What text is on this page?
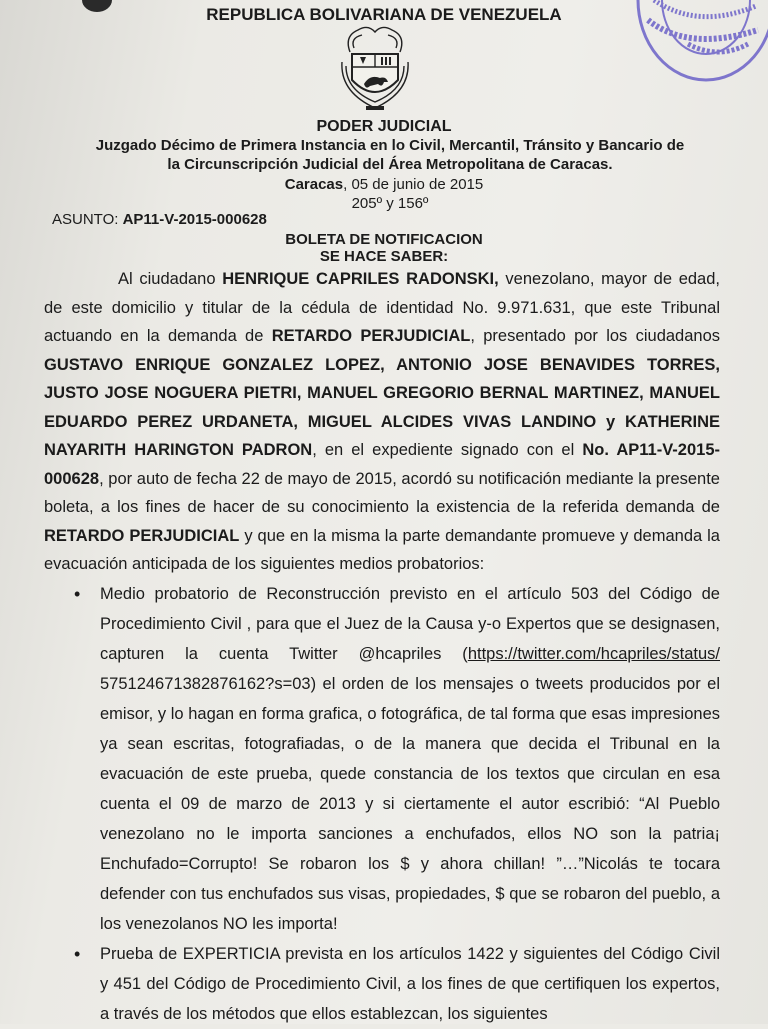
REPUBLICA BOLIVARIANA DE VENEZUELA
PODER JUDICIAL
Juzgado Décimo de Primera Instancia en lo Civil, Mercantil, Tránsito y Bancario de
la Circunscripción Judicial del Área Metropolitana de Caracas.
Caracas, 05 de junio de 2015
205º y 156º
ASUNTO: AP11-V-2015-000628
BOLETA DE NOTIFICACION
SE HACE SABER:

Al ciudadano HENRIQUE CAPRILES RADONSKI, venezolano, mayor de edad, de este domicilio y titular de la cédula de identidad No. 9.971.631, que este Tribunal actuando en la demanda de RETARDO PERJUDICIAL, presentado por los ciudadanos GUSTAVO ENRIQUE GONZALEZ LOPEZ, ANTONIO JOSE BENAVIDES TORRES, JUSTO JOSE NOGUERA PIETRI, MANUEL GREGORIO BERNAL MARTINEZ, MANUEL EDUARDO PEREZ URDANETA, MIGUEL ALCIDES VIVAS LANDINO y KATHERINE NAYARITH HARINGTON PADRON, en el expediente signado con el No. AP11-V-2015-000628, por auto de fecha 22 de mayo de 2015, acordó su notificación mediante la presente boleta, a los fines de hacer de su conocimiento la existencia de la referida demanda de RETARDO PERJUDICIAL y que en la misma la parte demandante promueve y demanda la evacuación anticipada de los siguientes medios probatorios:

• Medio probatorio de Reconstrucción previsto en el artículo 503 del Código de Procedimiento Civil , para que el Juez de la Causa y-o Expertos que se designasen, capturen la cuenta Twitter @hcapriles (https://twitter.com/hcapriles/status/ 575124671382876162?s=03) el orden de los mensajes o tweets producidos por el emisor, y lo hagan en forma grafica, o fotográfica, de tal forma que esas impresiones ya sean escritas, fotografiadas, o de la manera que decida el Tribunal en la evacuación de este prueba, quede constancia de los textos que circulan en esa cuenta el 09 de marzo de 2013 y si ciertamente el autor escribió: “Al Pueblo venezolano no le importa sanciones a enchufados, ellos NO son la patria¡ Enchufado=Corrupto! Se robaron los $ y ahora chillan! ”…”Nicolás te tocara defender con tus enchufados sus visas, propiedades, $ que se robaron del pueblo, a los venezolanos NO les importa!
• Prueba de EXPERTICIA prevista en los artículos 1422 y siguientes del Código Civil y 451 del Código de Procedimiento Civil, a los fines de que certifiquen los expertos, a través de los métodos que ellos establezcan, los siguientes
